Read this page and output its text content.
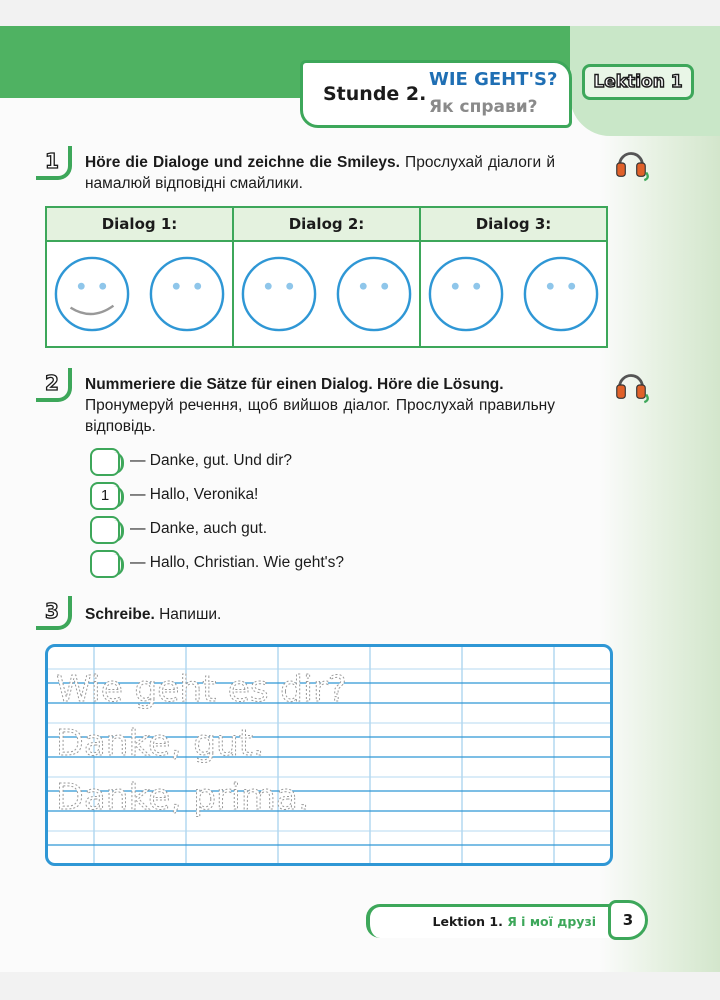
Stunde 2.
WIE GEHT'S?
Як справи?
Lektion 1
1	Höre die Dialoge und zeichne die Smileys. Прослухай діалоги й намалюй відповідні смайлики.
Dialog 1:	Dialog 2:	Dialog 3:

2	Nummeriere die Sätze für einen Dialog. Höre die Lösung.
Пронумеруй речення, щоб вийшов діалог. Прослухай правильну відповідь.
— Danke, gut. Und dir?
1	— Hallo, Veronika!
— Danke, auch gut.
— Hallo, Christian. Wie geht's?
3	Schreibe. Напиши.
Wie geht es dir?
Danke, gut.
Danke, prima.
Lektion 1. Я і мої друзі	3
